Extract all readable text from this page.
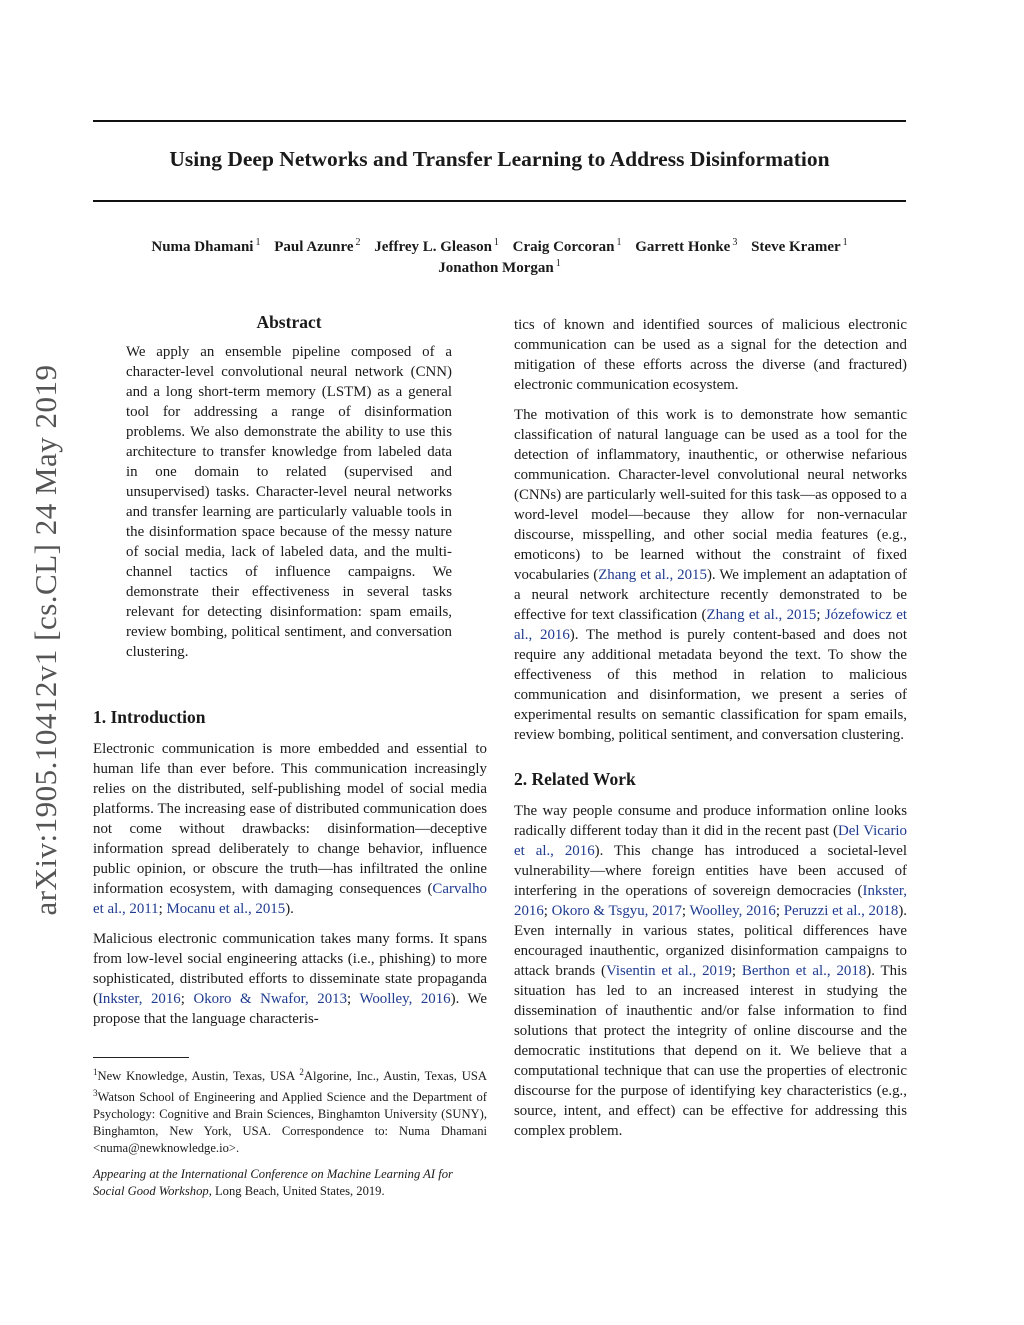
Using Deep Networks and Transfer Learning to Address Disinformation
Numa Dhamani $^1$ Paul Azunre $^2$ Jeffrey L. Gleason $^1$ Craig Corcoran $^1$ Garrett Honke $^3$ Steve Kramer $^1$
Jonathon Morgan $^1$
arXiv:1905.10412v1 [cs.CL] 24 May 2019
Abstract

We apply an ensemble pipeline composed of a character-level convolutional neural network (CNN) and a long short-term memory (LSTM) as a general tool for addressing a range of disinformation problems. We also demonstrate the ability to use this architecture to transfer knowledge from labeled data in one domain to related (supervised and unsupervised) tasks. Character-level neural networks and transfer learning are particularly valuable tools in the disinformation space because of the messy nature of social media, lack of labeled data, and the multi-channel tactics of influence campaigns. We demonstrate their effectiveness in several tasks relevant for detecting disinformation: spam emails, review bombing, political sentiment, and conversation clustering.

1. Introduction

Electronic communication is more embedded and essential to human life than ever before. This communication increasingly relies on the distributed, self-publishing model of social media platforms. The increasing ease of distributed communication does not come without drawbacks: disinformation—deceptive information spread deliberately to change behavior, influence public opinion, or obscure the truth—has infiltrated the online information ecosystem, with damaging consequences (Carvalho et al., 2011; Mocanu et al., 2015).

Malicious electronic communication takes many forms. It spans from low-level social engineering attacks (i.e., phishing) to more sophisticated, distributed efforts to disseminate state propaganda (Inkster, 2016; Okoro & Nwafor, 2013; Woolley, 2016). We propose that the language characteris-

$^1$New Knowledge, Austin, Texas, USA $^2$Algorine, Inc., Austin, Texas, USA $^3$Watson School of Engineering and Applied Science and the Department of Psychology: Cognitive and Brain Sciences, Binghamton University (SUNY), Binghamton, New York, USA. Correspondence to: Numa Dhamani <numa@newknowledge.io>.
Appearing at the International Conference on Machine Learning AI for Social Good Workshop, Long Beach, United States, 2019.

tics of known and identified sources of malicious electronic communication can be used as a signal for the detection and mitigation of these efforts across the diverse (and fractured) electronic communication ecosystem.

The motivation of this work is to demonstrate how semantic classification of natural language can be used as a tool for the detection of inflammatory, inauthentic, or otherwise nefarious communication. Character-level convolutional neural networks (CNNs) are particularly well-suited for this task—as opposed to a word-level model—because they allow for non-vernacular discourse, misspelling, and other social media features (e.g., emoticons) to be learned without the constraint of fixed vocabularies (Zhang et al., 2015). We implement an adaptation of a neural network architecture recently demonstrated to be effective for text classification (Zhang et al., 2015; Józefowicz et al., 2016). The method is purely content-based and does not require any additional metadata beyond the text. To show the effectiveness of this method in relation to malicious communication and disinformation, we present a series of experimental results on semantic classification for spam emails, review bombing, political sentiment, and conversation clustering.

2. Related Work

The way people consume and produce information online looks radically different today than it did in the recent past (Del Vicario et al., 2016). This change has introduced a societal-level vulnerability—where foreign entities have been accused of interfering in the operations of sovereign democracies (Inkster, 2016; Okoro & Tsgyu, 2017; Woolley, 2016; Peruzzi et al., 2018). Even internally in various states, political differences have encouraged inauthentic, organized disinformation campaigns to attack brands (Visentin et al., 2019; Berthon et al., 2018). This situation has led to an increased interest in studying the dissemination of inauthentic and/or false information to find solutions that protect the integrity of online discourse and the democratic institutions that depend on it. We believe that a computational technique that can use the properties of electronic discourse for the purpose of identifying key characteristics (e.g., source, intent, and effect) can be effective for addressing this complex problem.
